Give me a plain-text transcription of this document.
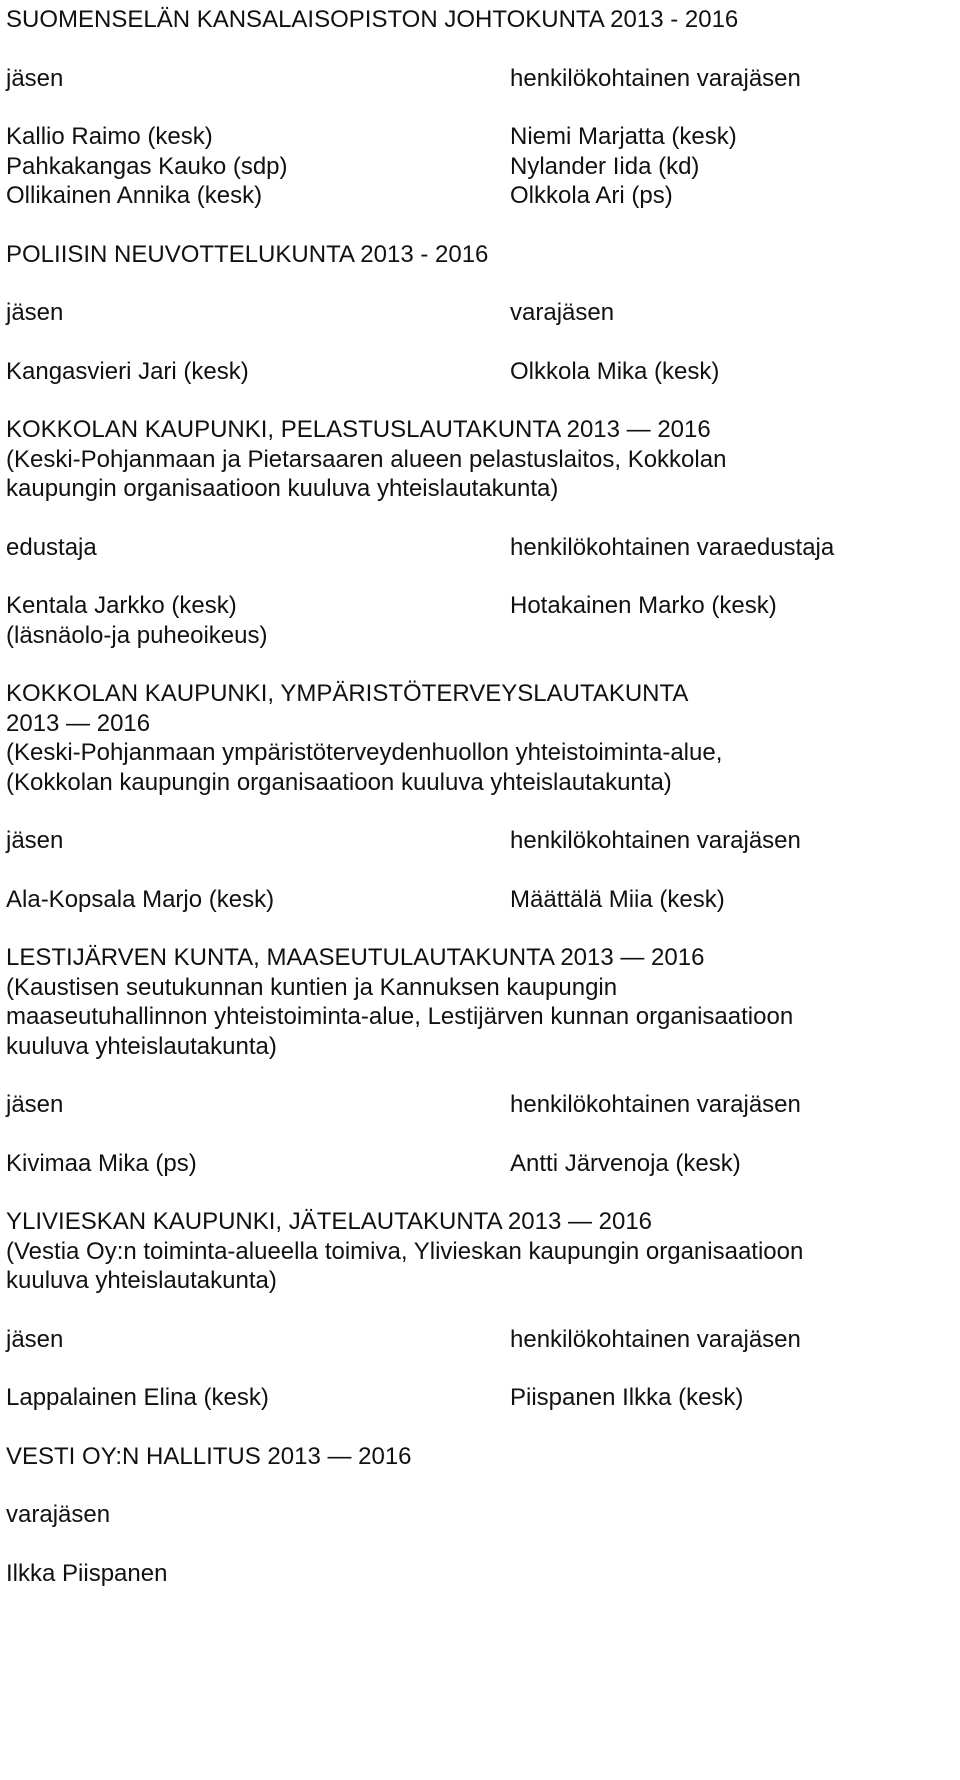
SUOMENSELÄN KANSALAISOPISTON JOHTOKUNTA 2013 - 2016
jäsen	henkilökohtainen varajäsen
Kallio Raimo (kesk)	Niemi Marjatta (kesk)
Pahkakangas Kauko (sdp)	Nylander Iida (kd)
Ollikainen Annika (kesk)	Olkkola Ari (ps)
POLIISIN NEUVOTTELUKUNTA 2013 - 2016
jäsen	varajäsen
Kangasvieri Jari (kesk)	Olkkola Mika (kesk)
KOKKOLAN KAUPUNKI, PELASTUSLAUTAKUNTA 2013 — 2016
(Keski-Pohjanmaan ja Pietarsaaren alueen pelastuslaitos, Kokkolan
kaupungin organisaatioon kuuluva yhteislautakunta)
edustaja	henkilökohtainen varaedustaja
Kentala Jarkko (kesk)	Hotakainen Marko (kesk)
(läsnäolo-ja puheoikeus)
KOKKOLAN KAUPUNKI, YMPÄRISTÖTERVEYSLAUTAKUNTA
2013 — 2016
(Keski-Pohjanmaan ympäristöterveydenhuollon yhteistoiminta-alue,
(Kokkolan kaupungin organisaatioon kuuluva yhteislautakunta)
jäsen	henkilökohtainen varajäsen
Ala-Kopsala Marjo (kesk)	Määttälä Miia (kesk)
LESTIJÄRVEN KUNTA, MAASEUTULAUTAKUNTA 2013 — 2016
(Kaustisen seutukunnan kuntien ja Kannuksen kaupungin
maaseutuhallinnon yhteistoiminta-alue, Lestijärven kunnan organisaatioon
kuuluva yhteislautakunta)
jäsen	henkilökohtainen varajäsen
Kivimaa Mika (ps)	Antti Järvenoja (kesk)
YLIVIESKAN KAUPUNKI, JÄTELAUTAKUNTA 2013 — 2016
(Vestia Oy:n toiminta-alueella toimiva, Ylivieskan kaupungin organisaatioon
kuuluva yhteislautakunta)
jäsen	henkilökohtainen varajäsen
Lappalainen Elina (kesk)	Piispanen Ilkka (kesk)
VESTI OY:N HALLITUS 2013 — 2016
varajäsen
Ilkka Piispanen
